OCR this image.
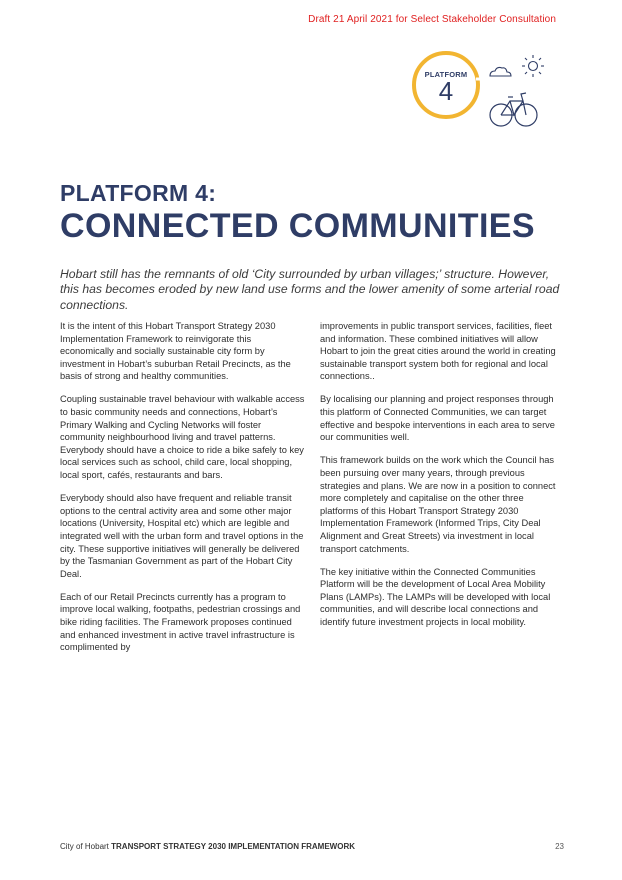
Draft 21 April 2021 for Select Stakeholder Consultation
PLATFORM
4
PLATFORM 4:
CONNECTED COMMUNITIES
Hobart still has the remnants of old ‘City surrounded by urban villages;’ structure. However, this has becomes eroded by new land use forms and the lower amenity of some arterial road connections.

It is the intent of this Hobart Transport Strategy 2030 Implementation Framework to reinvigorate this economically and socially sustainable city form by investment in Hobart’s suburban Retail Precincts, as the basis of strong and healthy communities.

Coupling sustainable travel behaviour with walkable access to basic community needs and connections, Hobart’s Primary Walking and Cycling Networks will foster community neighbourhood living and travel patterns. Everybody should have a choice to ride a bike safely to key local services such as school, child care, local shopping, local sport, cafés, restaurants and bars.

Everybody should also have frequent and reliable transit options to the central activity area and some other major locations (University, Hospital etc) which are legible and integrated well with the urban form and travel options in the city. These supportive initiatives will generally be delivered by the Tasmanian Government as part of the Hobart City Deal.

Each of our Retail Precincts currently has a program to improve local walking, footpaths, pedestrian crossings and bike riding facilities. The Framework proposes continued and enhanced investment in active travel infrastructure is complimented by

improvements in public transport services, facilities, fleet and information. These combined initiatives will allow Hobart to join the great cities around the world in creating sustainable transport system both for regional and local connections..

By localising our planning and project responses through this platform of Connected Communities, we can target effective and bespoke interventions in each area to serve our communities well.

This framework builds on the work which the Council has been pursuing over many years, through previous strategies and plans. We are now in a position to connect more completely and capitalise on the other three platforms of this Hobart Transport Strategy 2030 Implementation Framework (Informed Trips, City Deal Alignment and Great Streets) via investment in local transport catchments.

The key initiative within the Connected Communities Platform will be the development of Local Area Mobility Plans (LAMPs). The LAMPs will be developed with local communities, and will describe local connections and identify future investment projects in local mobility.

City of Hobart TRANSPORT STRATEGY 2030 IMPLEMENTATION FRAMEWORK	23
